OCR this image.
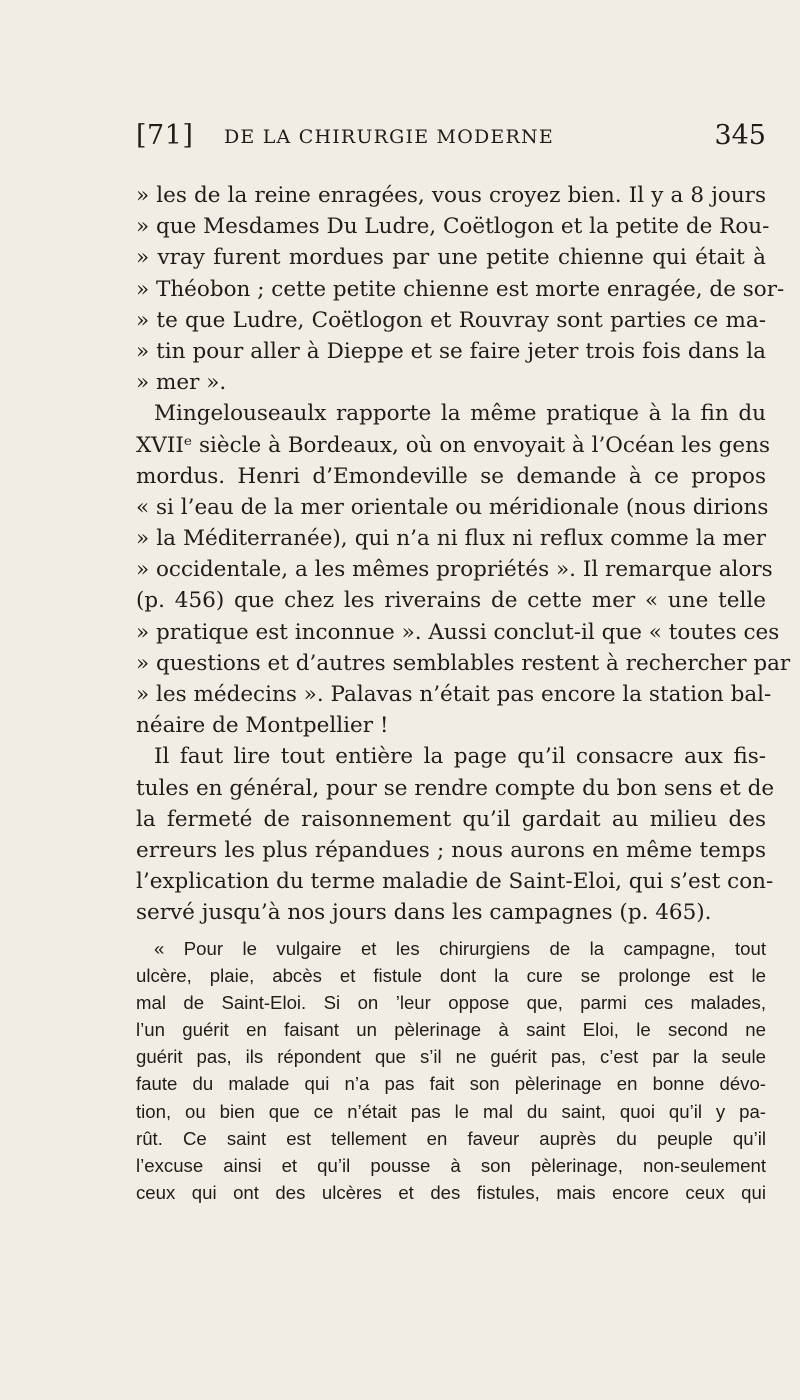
[71] DE LA CHIRURGIE MODERNE	345
» les de la reine enragées, vous croyez bien. Il y a 8 jours
» que Mesdames Du Ludre, Coëtlogon et la petite de Rou-
» vray furent mordues par une petite chienne qui était à
» Théobon ; cette petite chienne est morte enragée, de sor-
» te que Ludre, Coëtlogon et Rouvray sont parties ce ma-
» tin pour aller à Dieppe et se faire jeter trois fois dans la
» mer ».
Mingelouseaulx rapporte la même pratique à la fin du
XVIIᵉ siècle à Bordeaux, où on envoyait à l’Océan les gens
mordus. Henri d’Emondeville se demande à ce propos
« si l’eau de la mer orientale ou méridionale (nous dirions
» la Méditerranée), qui n’a ni flux ni reflux comme la mer
» occidentale, a les mêmes propriétés ». Il remarque alors
(p. 456) que chez les riverains de cette mer « une telle
» pratique est inconnue ». Aussi conclut-il que « toutes ces
» questions et d’autres semblables restent à rechercher par
» les médecins ». Palavas n’était pas encore la station bal-
néaire de Montpellier !
Il faut lire tout entière la page qu’il consacre aux fis-
tules en général, pour se rendre compte du bon sens et de
la fermeté de raisonnement qu’il gardait au milieu des
erreurs les plus répandues ; nous aurons en même temps
l’explication du terme maladie de Saint-Eloi, qui s’est con-
servé jusqu’à nos jours dans les campagnes (p. 465).
« Pour le vulgaire et les chirurgiens de la campagne, tout
ulcère, plaie, abcès et fistule dont la cure se prolonge est le
mal de Saint-Eloi. Si on ’leur oppose que, parmi ces malades,
l’un guérit en faisant un pèlerinage à saint Eloi, le second ne
guérit pas, ils répondent que s’il ne guérit pas, c’est par la seule
faute du malade qui n’a pas fait son pèlerinage en bonne dévo-
tion, ou bien que ce n’était pas le mal du saint, quoi qu’il y pa-
rût. Ce saint est tellement en faveur auprès du peuple qu’il
l’excuse ainsi et qu’il pousse à son pèlerinage, non-seulement
ceux qui ont des ulcères et des fistules, mais encore ceux qui
